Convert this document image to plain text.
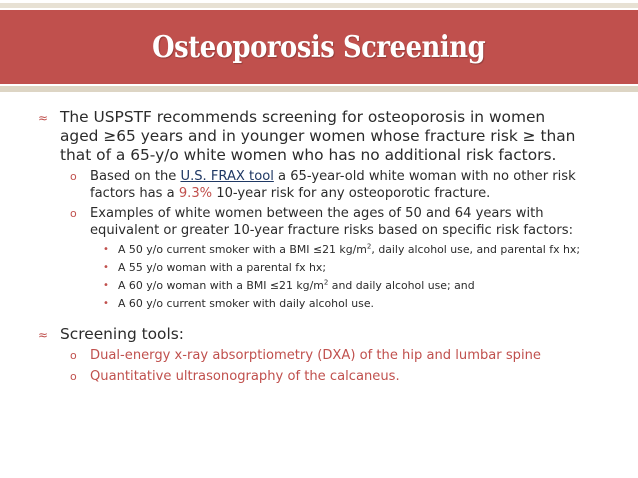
Osteoporosis Screening
≈ The USPSTF recommends screening for osteoporosis in women aged ≥65 years and in younger women whose fracture risk ≥ than that of a 65-y/o white women who has no additional risk factors.
o Based on the U.S. FRAX tool a 65-year-old white woman with no other risk factors has a 9.3% 10-year risk for any osteoporotic fracture.
o Examples of white women between the ages of 50 and 64 years with equivalent or greater 10-year fracture risks based on specific risk factors:
• A 50 y/o current smoker with a BMI ≤21 $kg/m^2$, daily alcohol use, and parental fx hx;
• A 55 y/o woman with a parental fx hx;
• A 60 y/o woman with a BMI ≤21 $kg/m^2$ and daily alcohol use; and
• A 60 y/o current smoker with daily alcohol use.
≈ Screening tools:
o Dual-energy x-ray absorptiometry (DXA) of the hip and lumbar spine
o Quantitative ultrasonography of the calcaneus.
